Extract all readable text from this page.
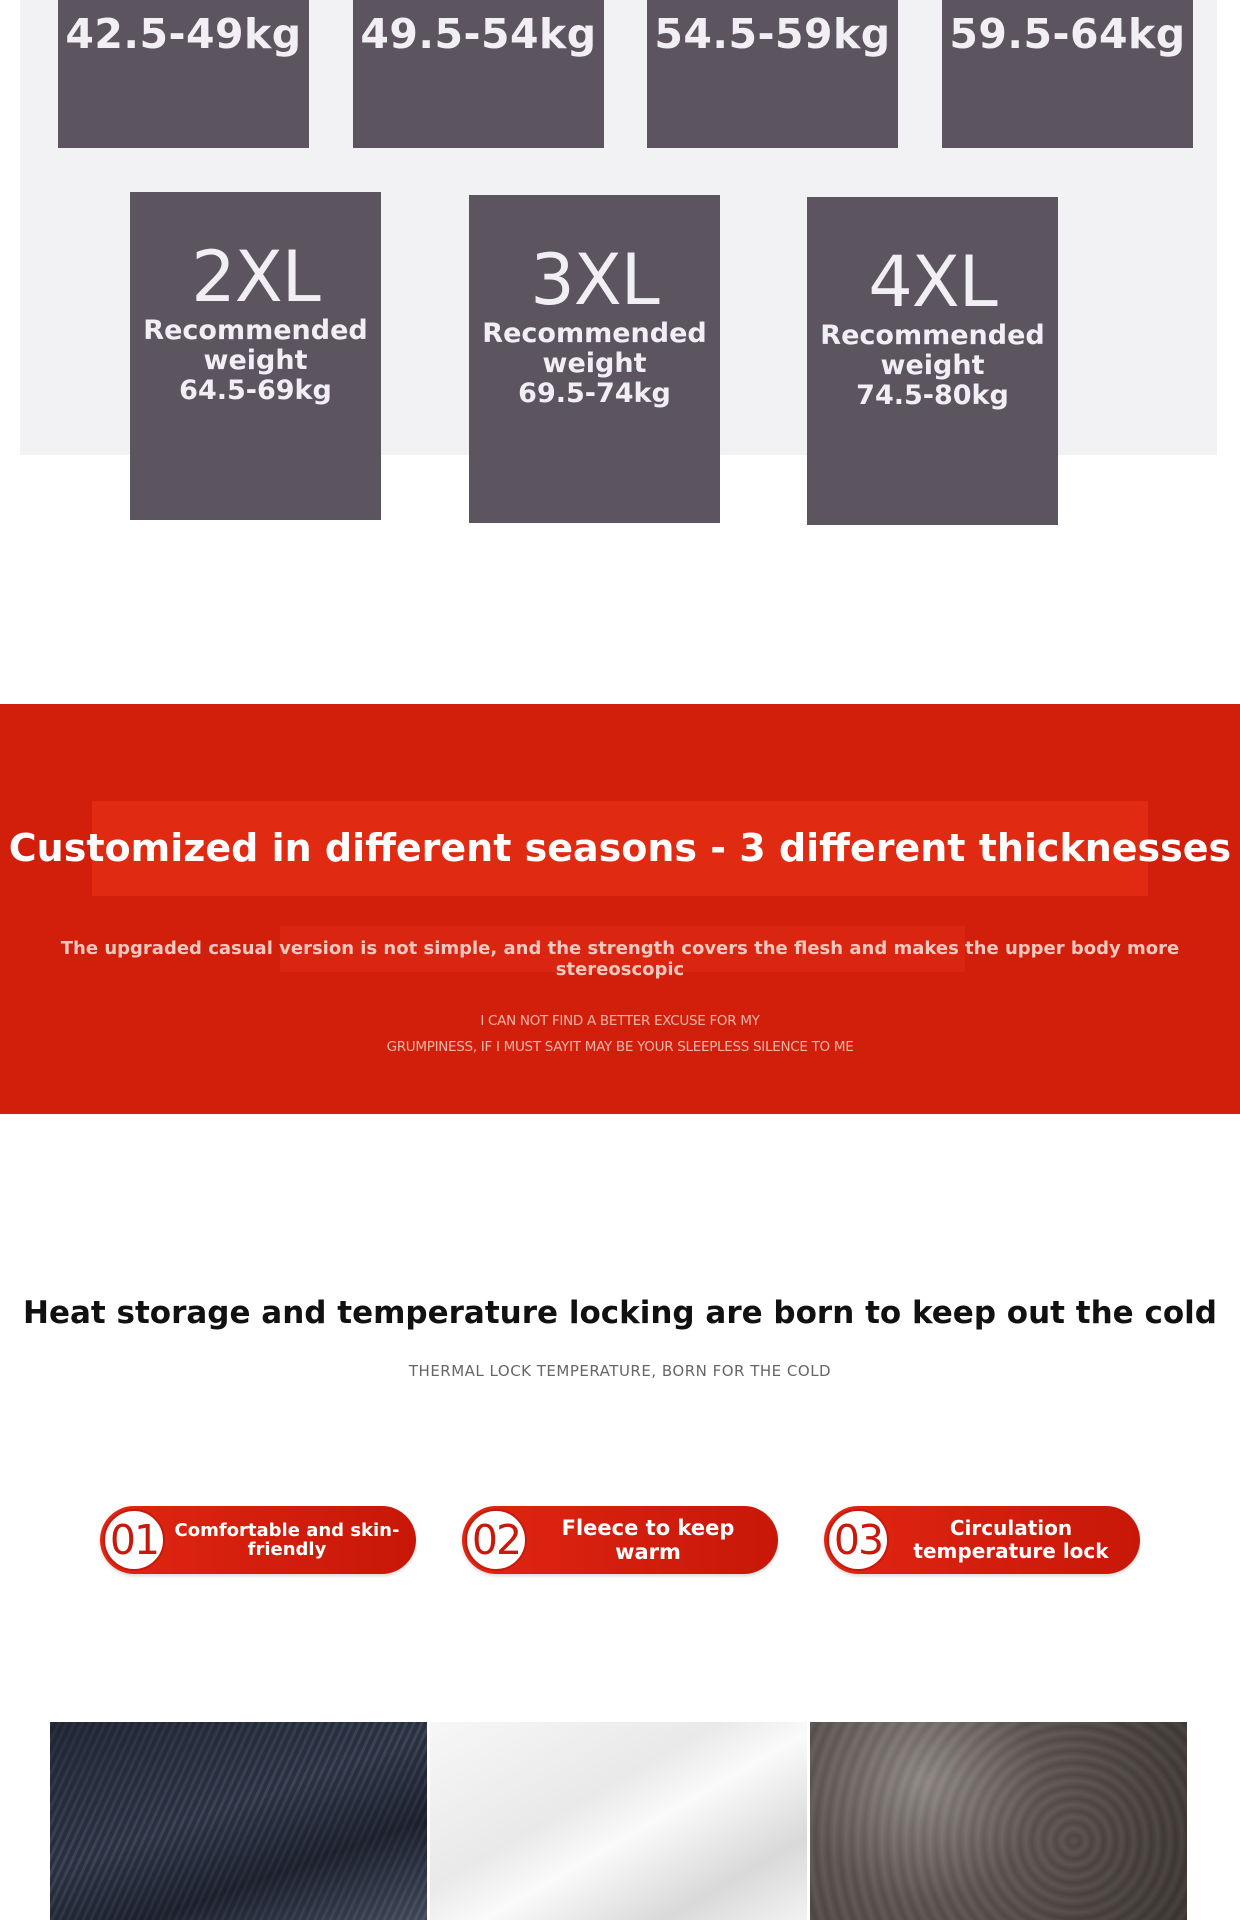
42.5-49kg 49.5-54kg 54.5-59kg 59.5-64kg
2XL
Recommended
weight
64.5-69kg
3XL
Recommended
weight
69.5-74kg
4XL
Recommended
weight
74.5-80kg
Customized in different seasons - 3 different thicknesses
The upgraded casual version is not simple, and the strength covers the flesh and makes the upper body more stereoscopic
I CAN NOT FIND A BETTER EXCUSE FOR MY
GRUMPINESS, IF I MUST SAYIT MAY BE YOUR SLEEPLESS SILENCE TO ME
Heat storage and temperature locking are born to keep out the cold
THERMAL LOCK TEMPERATURE, BORN FOR THE COLD
01 Comfortable and skin-friendly	02	Fleece to keep warm	03	Circulation temperature lock
